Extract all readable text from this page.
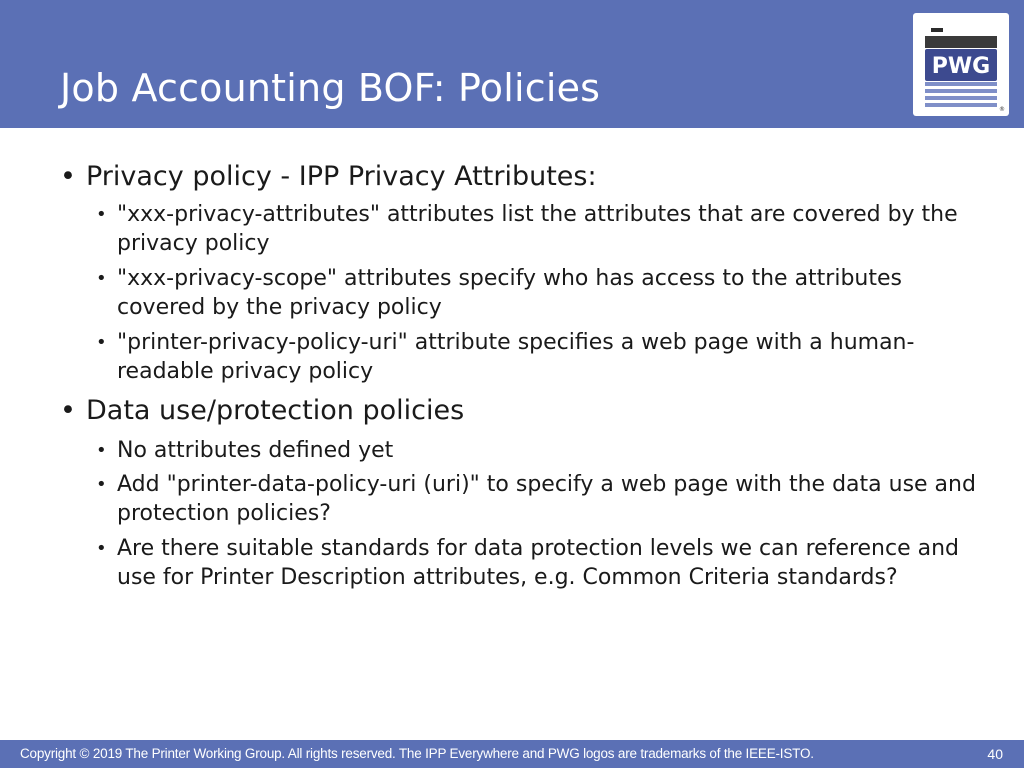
Job Accounting BOF: Policies	PWG
®
• Privacy policy - IPP Privacy Attributes:
• "xxx-privacy-attributes" attributes list the attributes that are covered by the privacy policy
• "xxx-privacy-scope" attributes specify who has access to the attributes covered by the privacy policy
• "printer-privacy-policy-uri" attribute specifies a web page with a human-readable privacy policy
• Data use/protection policies
• No attributes defined yet
• Add "printer-data-policy-uri (uri)" to specify a web page with the data use and protection policies?
• Are there suitable standards for data protection levels we can reference and use for Printer Description attributes, e.g. Common Criteria standards?
Copyright © 2019 The Printer Working Group. All rights reserved. The IPP Everywhere and PWG logos are trademarks of the IEEE-ISTO.	40
